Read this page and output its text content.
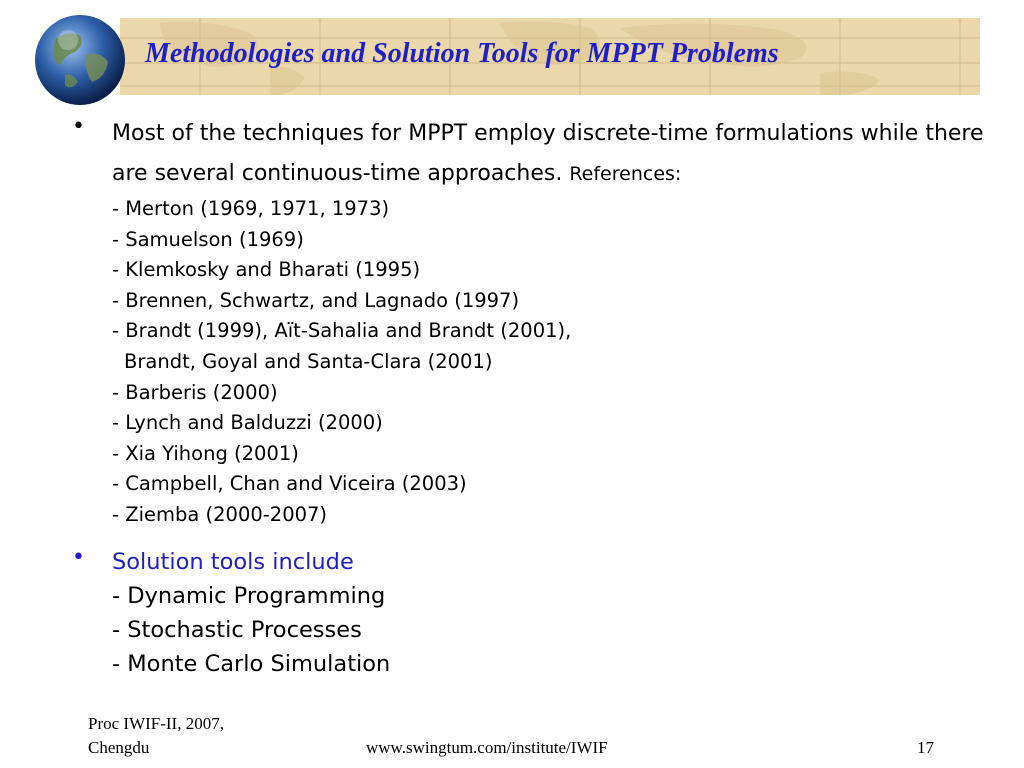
Methodologies and Solution Tools for MPPT Problems
• Most of the techniques for MPPT employ discrete-time formulations while there are several continuous-time approaches. References:
- Merton (1969, 1971, 1973)
- Samuelson (1969)
- Klemkosky and Bharati (1995)
- Brennen, Schwartz, and Lagnado (1997)
- Brandt (1999), Aït-Sahalia and Brandt (2001),
Brandt, Goyal and Santa-Clara (2001)
- Barberis (2000)
- Lynch and Balduzzi (2000)
- Xia Yihong (2001)
- Campbell, Chan and Viceira (2003)
- Ziemba (2000-2007)
• Solution tools include
- Dynamic Programming
- Stochastic Processes
- Monte Carlo Simulation
Proc IWIF-II, 2007,
Chengdu	www.swingtum.com/institute/IWIF	17
